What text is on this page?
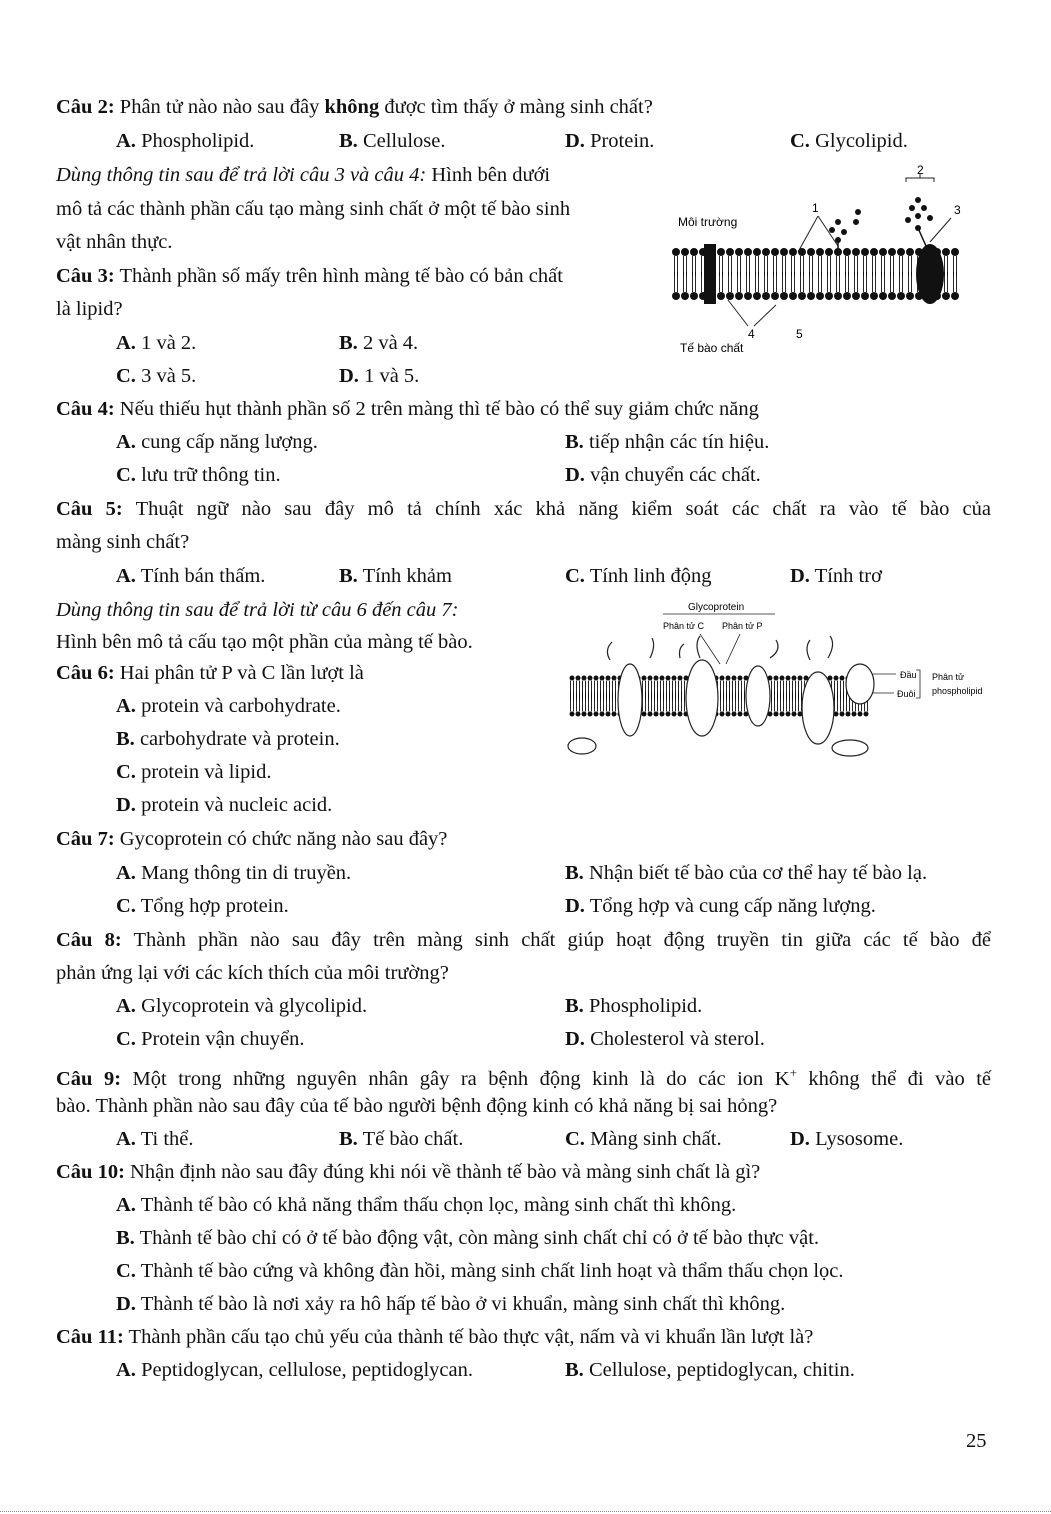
Câu 2: Phân tử nào nào sau đây không được tìm thấy ở màng sinh chất?
A. Phospholipid.	B. Cellulose.	D. Protein.	C. Glycolipid.
Dùng thông tin sau để trả lời câu 3 và câu 4: Hình bên dưới
mô tả các thành phần cấu tạo màng sinh chất ở một tế bào sinh
vật nhân thực.
Môi trường
Tế bào chất
1
2
3
4	5
Câu 3: Thành phần số mấy trên hình màng tế bào có bản chất
là lipid?
A. 1 và 2.	B. 2 và 4.
C. 3 và 5.	D. 1 và 5.
Câu 4: Nếu thiếu hụt thành phần số 2 trên màng thì tế bào có thể suy giảm chức năng
A. cung cấp năng lượng.	B. tiếp nhận các tín hiệu.
C. lưu trữ thông tin.	D. vận chuyển các chất.
Câu 5: Thuật ngữ nào sau đây mô tả chính xác khả năng kiểm soát các chất ra vào tế bào của
màng sinh chất?
A. Tính bán thấm.	B. Tính khảm	C. Tính linh động	D. Tính trơ
Dùng thông tin sau để trả lời từ câu 6 đến câu 7:
Hình bên mô tả cấu tạo một phần của màng tế bào.
Glycoprotein
Phân tử C Phân tử P
Đầu
Đuôi
Phân tử
phospholipid
Câu 6: Hai phân tử P và C lần lượt là
A. protein và carbohydrate.
B. carbohydrate và protein.
C. protein và lipid.
D. protein và nucleic acid.
Câu 7: Gycoprotein có chức năng nào sau đây?
A. Mang thông tin di truyền.	B. Nhận biết tế bào của cơ thể hay tế bào lạ.
C. Tổng hợp protein.	D. Tổng hợp và cung cấp năng lượng.
Câu 8: Thành phần nào sau đây trên màng sinh chất giúp hoạt động truyền tin giữa các tế bào để
phản ứng lại với các kích thích của môi trường?
A. Glycoprotein và glycolipid.	B. Phospholipid.
C. Protein vận chuyển.	D. Cholesterol và sterol.
Câu 9: Một trong những nguyên nhân gây ra bệnh động kinh là do các ion K+ không thể đi vào tế
bào. Thành phần nào sau đây của tế bào người bệnh động kinh có khả năng bị sai hỏng?
A. Ti thể.	B. Tế bào chất.	C. Màng sinh chất.	D. Lysosome.
Câu 10: Nhận định nào sau đây đúng khi nói về thành tế bào và màng sinh chất là gì?
A. Thành tế bào có khả năng thẩm thấu chọn lọc, màng sinh chất thì không.
B. Thành tế bào chỉ có ở tế bào động vật, còn màng sinh chất chỉ có ở tế bào thực vật.
C. Thành tế bào cứng và không đàn hồi, màng sinh chất linh hoạt và thẩm thấu chọn lọc.
D. Thành tế bào là nơi xảy ra hô hấp tế bào ở vi khuẩn, màng sinh chất thì không.
Câu 11: Thành phần cấu tạo chủ yếu của thành tế bào thực vật, nấm và vi khuẩn lần lượt là?
A. Peptidoglycan, cellulose, peptidoglycan.	B. Cellulose, peptidoglycan, chitin.
25
